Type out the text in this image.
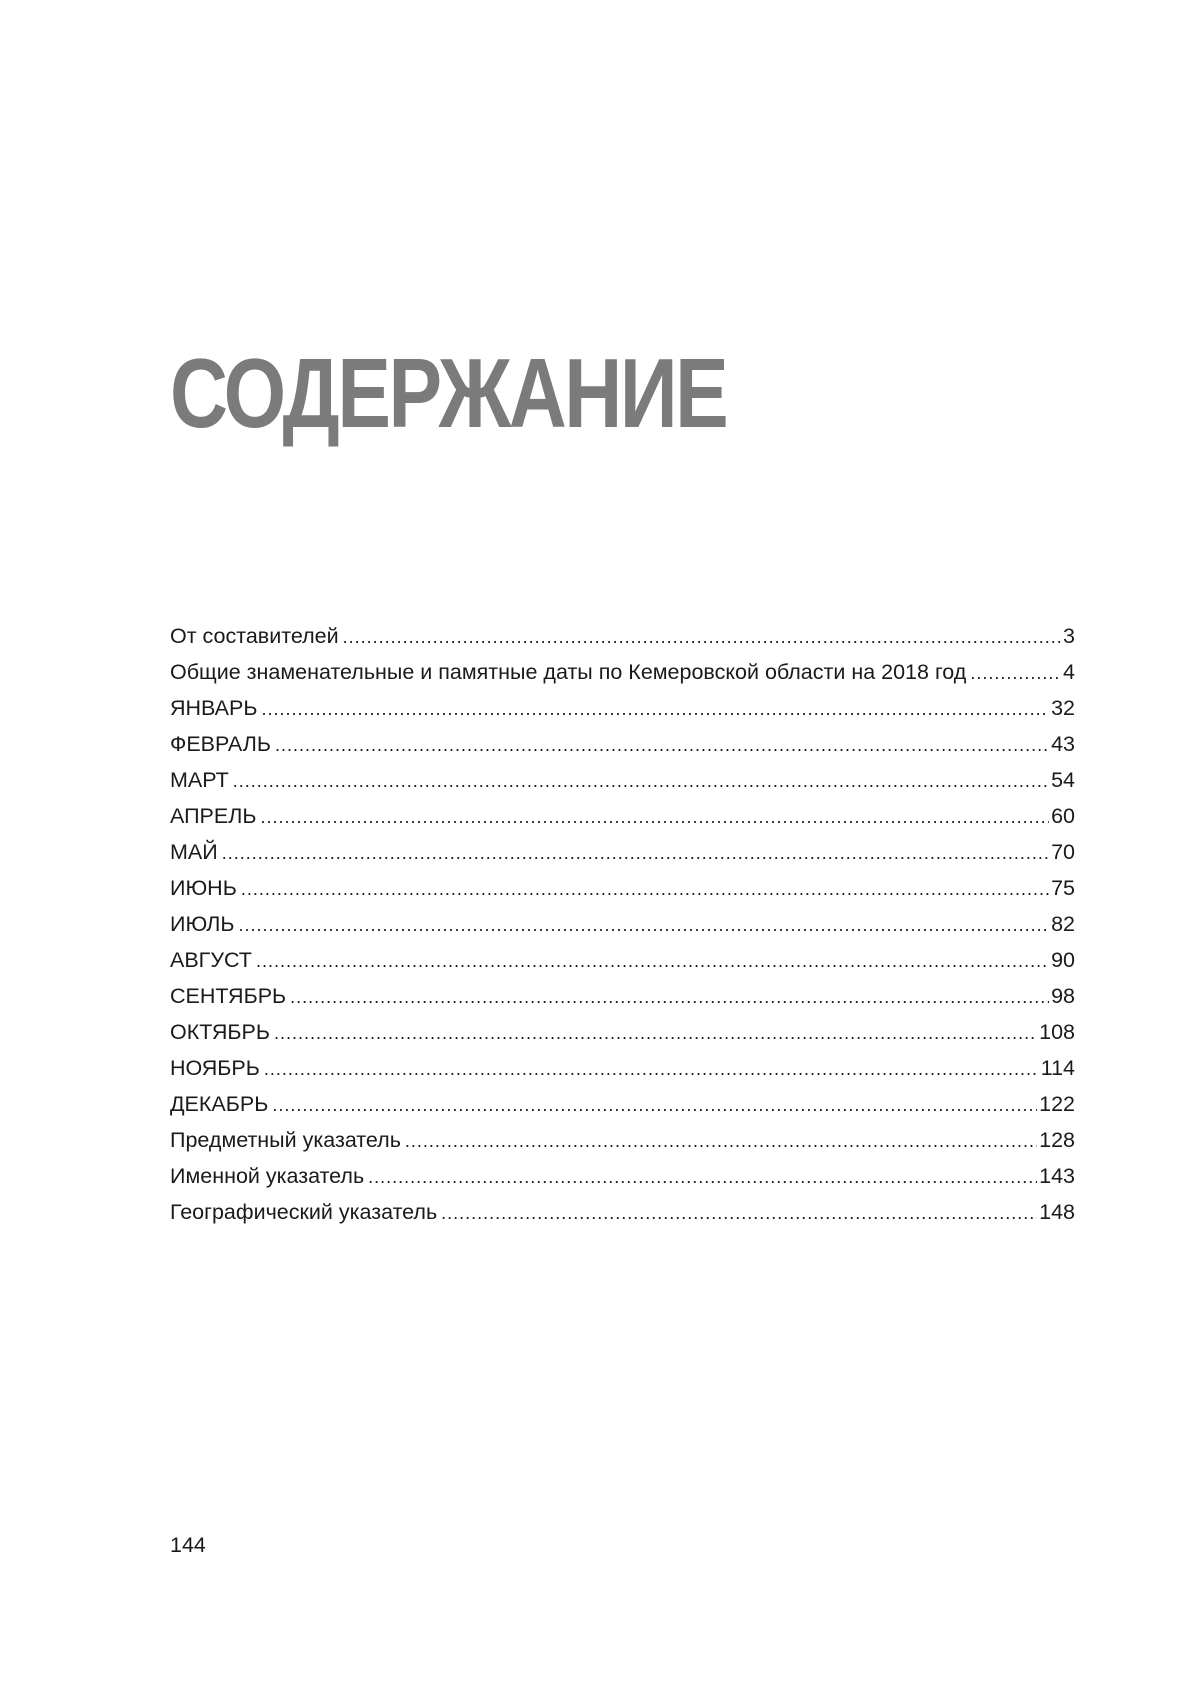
СОДЕРЖАНИЕ
От составителей .....	3
Общие знаменательные и памятные даты по Кемеровской области на 2018 год .....	4
ЯНВАРЬ .....	32
ФЕВРАЛЬ .....	43
МАРТ .....	54
АПРЕЛЬ .....	60
МАЙ .....	70
ИЮНЬ .....	75
ИЮЛЬ .....	82
АВГУСТ .....	90
СЕНТЯБРЬ .....	98
ОКТЯБРЬ .....	108
НОЯБРЬ .....	114
ДЕКАБРЬ .....	122
Предметный указатель .....	128
Именной указатель .....	143
Географический указатель .....	148

144
